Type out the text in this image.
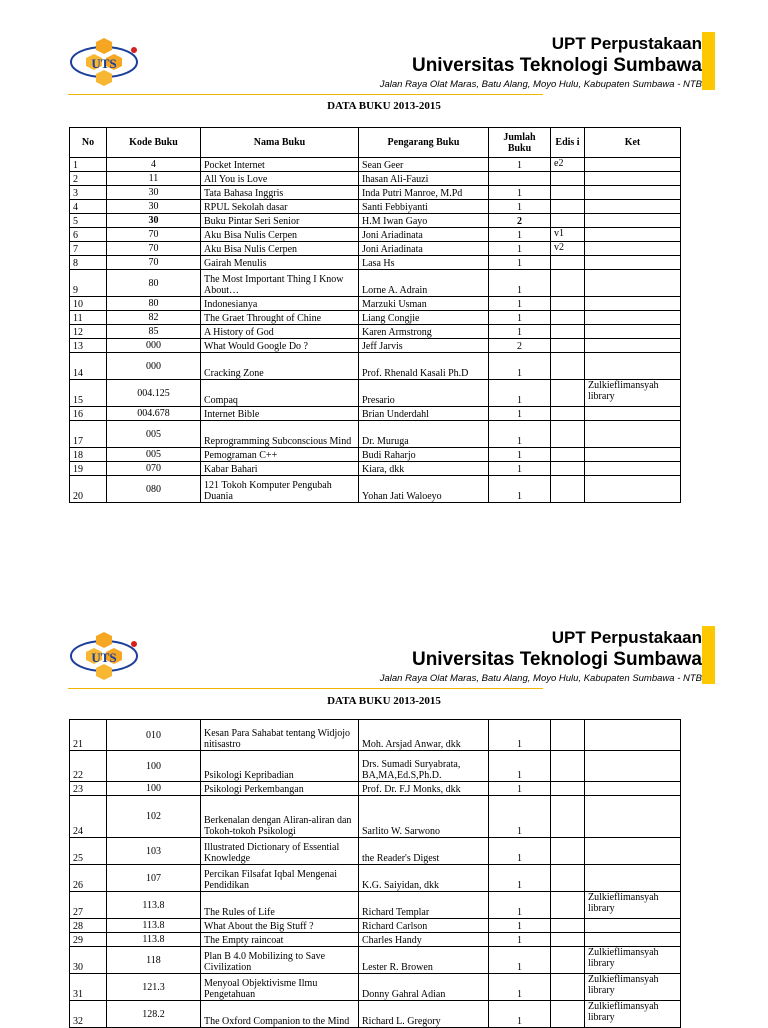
UTS
UPT Perpustakaan
Universitas Teknologi Sumbawa
Jalan Raya Olat Maras, Batu Alang, Moyo Hulu, Kabupaten Sumbawa - NTB
DATA BUKU 2013-2015
No	Kode Buku	Nama Buku	Pengarang Buku	Jumlah Buku	Edis i	Ket
1	4	Pocket Internet	Sean Geer	1	e2	
2	11	All You is Love	Ihasan Ali-Fauzi			
3	30	Tata Bahasa Inggris	Inda Putri Manroe, M.Pd	1		
4	30	RPUL Sekolah dasar	Santi Febbiyanti	1		
5	30	Buku Pintar Seri Senior	H.M Iwan Gayo	2		
6	70	Aku Bisa Nulis Cerpen	Joni Ariadinata	1	v1	
7	70	Aku Bisa Nulis Cerpen	Joni Ariadinata	1	v2	
8	70	Gairah Menulis	Lasa Hs	1		
9	80	The Most Important Thing I Know About…	Lorne A. Adrain	1		
10	80	Indonesianya	Marzuki Usman	1		
11	82	The Graet Throught of Chine	Liang Congjie	1		
12	85	A History of God	Karen Armstrong	1		
13	000	What Would Google Do ?	Jeff Jarvis	2		
14	000	Cracking Zone	Prof. Rhenald Kasali Ph.D	1		
15	004.125	Compaq	Presario	1		Zulkieflimansyah library
16	004.678	Internet Bible	Brian Underdahl	1		
17	005	Reprogramming Subconscious Mind	Dr. Muruga	1		
18	005	Pemograman C++	Budi Raharjo	1		
19	070	Kabar Bahari	Kiara, dkk	1		
20	080	121 Tokoh Komputer Pengubah Duania	Yohan Jati Waloeyo	1		
UTS
UPT Perpustakaan
Universitas Teknologi Sumbawa
Jalan Raya Olat Maras, Batu Alang, Moyo Hulu, Kabupaten Sumbawa - NTB
DATA BUKU 2013-2015
21	010	Kesan Para Sahabat tentang Widjojo nitisastro	Moh. Arsjad Anwar, dkk	1		
22	100	Psikologi Kepribadian	Drs. Sumadi Suryabrata, BA,MA,Ed.S,Ph.D.	1		
23	100	Psikologi Perkembangan	Prof. Dr. F.J Monks, dkk	1		
24	102	Berkenalan dengan Aliran-aliran dan Tokoh-tokoh Psikologi	Sarlito W. Sarwono	1		
25	103	Illustrated Dictionary of Essential Knowledge	the Reader's Digest	1		
26	107	Percikan Filsafat Iqbal Mengenai Pendidikan	K.G. Saiyidan, dkk	1		
27	113.8	The Rules of Life	Richard Templar	1		Zulkieflimansyah library
28	113.8	What About the Big Stuff ?	Richard Carlson	1		
29	113.8	The Empty raincoat	Charles Handy	1		
30	118	Plan B 4.0 Mobilizing to Save Civilization	Lester R. Browen	1		Zulkieflimansyah library
31	121.3	Menyoal Objektivisme Ilmu Pengetahuan	Donny Gahral Adian	1		Zulkieflimansyah library
32	128.2	The Oxford Companion to the Mind	Richard L. Gregory	1		Zulkieflimansyah library
